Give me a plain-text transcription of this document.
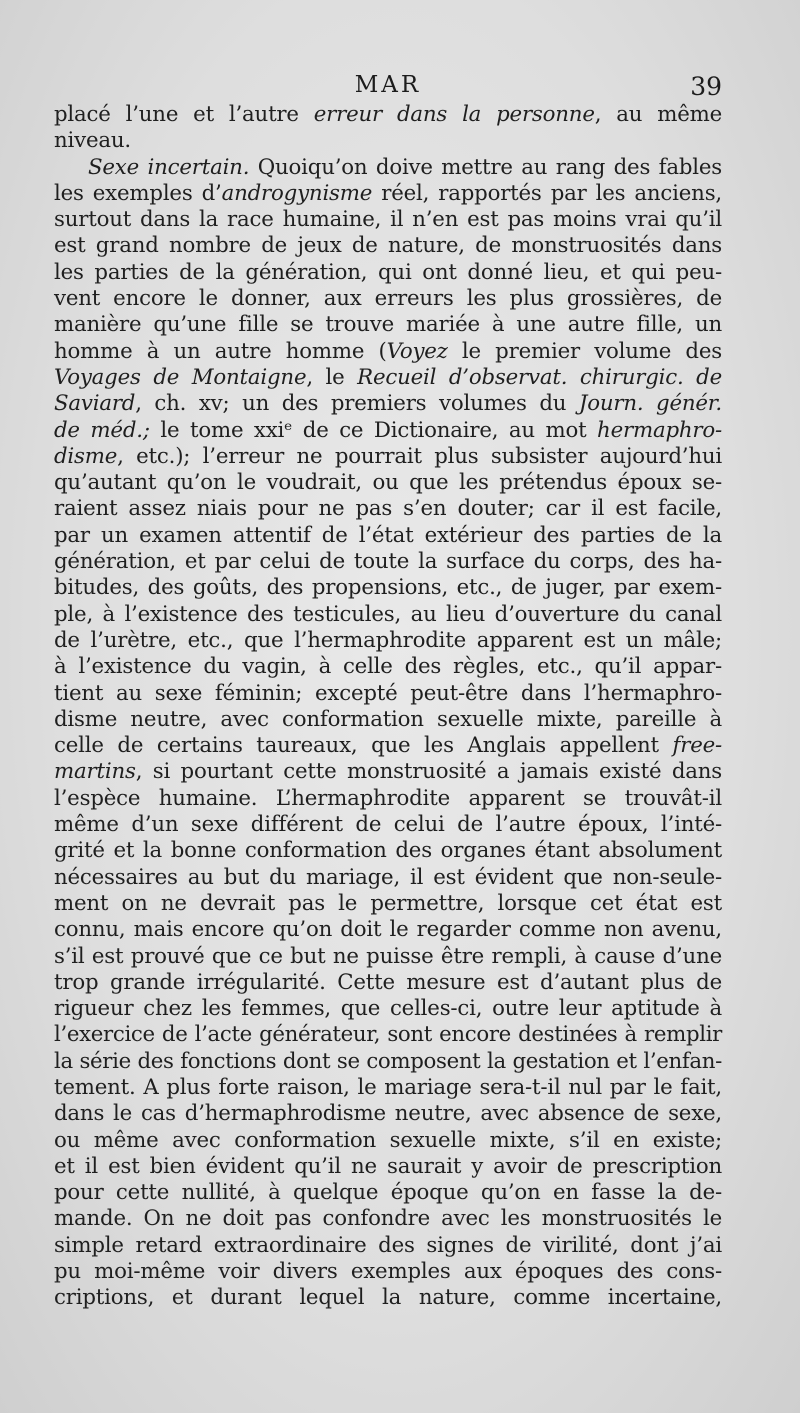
MAR	39
placé l’une et l’autre erreur dans la personne, au même
niveau.
Sexe incertain. Quoiqu’on doive mettre au rang des fables
les exemples d’androgynisme réel, rapportés par les anciens,
surtout dans la race humaine, il n’en est pas moins vrai qu’il
est grand nombre de jeux de nature, de monstruosités dans
les parties de la génération, qui ont donné lieu, et qui peu-
vent encore le donner, aux erreurs les plus grossières, de
manière qu’une fille se trouve mariée à une autre fille, un
homme à un autre homme (Voyez le premier volume des
Voyages de Montaigne, le Recueil d’observat. chirurgic. de
Saviard, ch. xv; un des premiers volumes du Journ. génér.
de méd.; le tome xxiᵉ de ce Dictionaire, au mot hermaphro-
disme, etc.); l’erreur ne pourrait plus subsister aujourd’hui
qu’autant qu’on le voudrait, ou que les prétendus époux se-
raient assez niais pour ne pas s’en douter; car il est facile,
par un examen attentif de l’état extérieur des parties de la
génération, et par celui de toute la surface du corps, des ha-
bitudes, des goûts, des propensions, etc., de juger, par exem-
ple, à l’existence des testicules, au lieu d’ouverture du canal
de l’urètre, etc., que l’hermaphrodite apparent est un mâle;
à l’existence du vagin, à celle des règles, etc., qu’il appar-
tient au sexe féminin; excepté peut-être dans l’hermaphro-
disme neutre, avec conformation sexuelle mixte, pareille à
celle de certains taureaux, que les Anglais appellent free-
martins, si pourtant cette monstruosité a jamais existé dans
l’espèce humaine. L’hermaphrodite apparent se trouvât-il
même d’un sexe différent de celui de l’autre époux, l’inté-
grité et la bonne conformation des organes étant absolument
nécessaires au but du mariage, il est évident que non-seule-
ment on ne devrait pas le permettre, lorsque cet état est
connu, mais encore qu’on doit le regarder comme non avenu,
s’il est prouvé que ce but ne puisse être rempli, à cause d’une
trop grande irrégularité. Cette mesure est d’autant plus de
rigueur chez les femmes, que celles-ci, outre leur aptitude à
l’exercice de l’acte générateur, sont encore destinées à remplir
la série des fonctions dont se composent la gestation et l’enfan-
tement. A plus forte raison, le mariage sera-t-il nul par le fait,
dans le cas d’hermaphrodisme neutre, avec absence de sexe,
ou même avec conformation sexuelle mixte, s’il en existe;
et il est bien évident qu’il ne saurait y avoir de prescription
pour cette nullité, à quelque époque qu’on en fasse la de-
mande. On ne doit pas confondre avec les monstruosités le
simple retard extraordinaire des signes de virilité, dont j’ai
pu moi-même voir divers exemples aux époques des cons-
criptions, et durant lequel la nature, comme incertaine,
